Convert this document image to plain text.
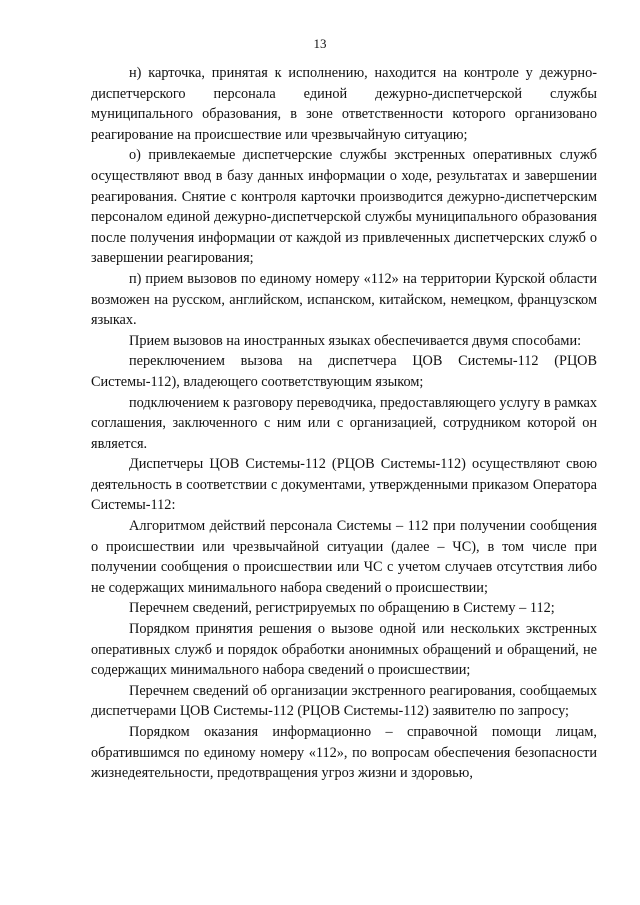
13

н) карточка, принятая к исполнению, находится на контроле у дежурно-диспетчерского персонала единой дежурно-диспетчерской службы муниципального образования, в зоне ответственности которого организовано реагирование на происшествие или чрезвычайную ситуацию;

о) привлекаемые диспетчерские службы экстренных оперативных служб осуществляют ввод в базу данных информации о ходе, результатах и завершении реагирования. Снятие с контроля карточки производится дежурно-диспетчерским персоналом единой дежурно-диспетчерской службы муниципального образования после получения информации от каждой из привлеченных диспетчерских служб о завершении реагирования;

п) прием вызовов по единому номеру «112» на территории Курской области возможен на русском, английском, испанском, китайском, немецком, французском языках.

Прием вызовов на иностранных языках обеспечивается двумя способами:

переключением вызова на диспетчера ЦОВ Системы-112 (РЦОВ Системы-112), владеющего соответствующим языком;

подключением к разговору переводчика, предоставляющего услугу в рамках соглашения, заключенного с ним или с организацией, сотрудником которой он является.

Диспетчеры ЦОВ Системы-112 (РЦОВ Системы-112) осуществляют свою деятельность в соответствии с документами, утвержденными приказом Оператора Системы-112:

Алгоритмом действий персонала Системы – 112 при получении сообщения о происшествии или чрезвычайной ситуации (далее – ЧС), в том числе при получении сообщения о происшествии или ЧС с учетом случаев отсутствия либо не содержащих минимального набора сведений о происшествии;

Перечнем сведений, регистрируемых по обращению в Систему – 112;

Порядком принятия решения о вызове одной или нескольких экстренных оперативных служб и порядок обработки анонимных обращений и обращений, не содержащих минимального набора сведений о происшествии;

Перечнем сведений об организации экстренного реагирования, сообщаемых диспетчерами ЦОВ Системы-112 (РЦОВ Системы-112) заявителю по запросу;

Порядком оказания информационно – справочной помощи лицам, обратившимся по единому номеру «112», по вопросам обеспечения безопасности жизнедеятельности, предотвращения угроз жизни и здоровью,
